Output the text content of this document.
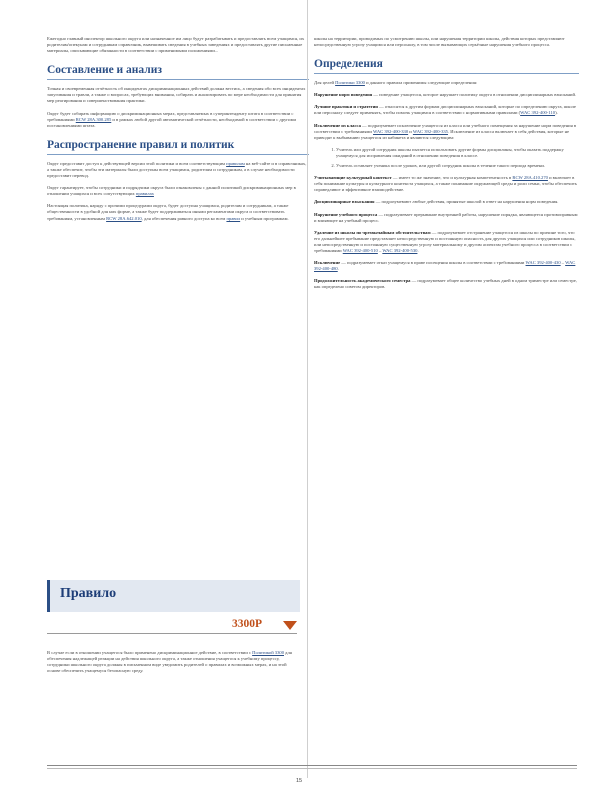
Ежегодно главный инспектор школьного округа или назначенное им лицо будут разрабатывать и предоставлять всем учащимся, их родителям/опекунам и сотрудникам справочник, вывешивать сведения в учебных заведениях и предоставлять другие письменные материалы, описывающие обязанности в соответствии с применимыми положениями...

Составление и анализ

Точная и своевременная отчётность об инцидентах дискриминационных действий должна вестись, а сведения обо всех инцидентах запугивания и травли, а также о вопросах, требующих внимания, собирать и анализировать по мере необходимости для принятия мер реагирования и совершенствования практики.

Округ будет собирать информацию о дискриминационных мерах, представляемых в суперинтенденту штата в соответствии с требованиями RCW 28A.300.285 и в рамках любой другой автоматической отчётности, необходимой в соответствии с другими постановлениями штата.

Распространение правил и политик

Округ предоставит доступ к действующей версии этой политики и всем соответствующим правилам на веб-сайте и в справочниках, а также обеспечит, чтобы эти материалы были доступны всем учащимся, родителям и сотрудникам, а в случае необходимости предоставит перевод.

Округ гарантирует, чтобы сотрудники и подрядчики округа были ознакомлены с данной политикой дискриминационных мер в отношении учащихся и всех сопутствующих правилах

Настоящая политика, наряду с прочими процедурами округа, будет доступна учащимся, родителям и сотрудникам, а также общественности в удобной для них форме, а также будет поддерживаться иными регламентами округа и соответствовать требованиям, установленным RCW 28A.642.010, для обеспечения равного доступа ко всем правил и учебным программам.

Правило
3300P

В случае если в отношении учащегося было применено дискриминационное действие, в соответствии с Политикой 3300 для обеспечения надлежащей реакции на действия школьного округа, а также отношения учащегося к учебному процессу, сотрудники школьного округа должны в письменном виде уведомить родителей о правилах и возможных мерах, и на этой основе обеспечить учащемуся безопасную среду.

школы на территории, проводимых по усмотрению школы, или нарушения территории школы, действия которых представляют непосредственную угрозу учащимся или персоналу, в том числе вызывающих серьёзные нарушения учебного процесса.

Определения

Для целей Политики 3300 и данного правила применимы следующие определения:

Нарушение норм поведения — поведение учащегося, которое нарушает политику округа в отношении дисциплинарных взысканий.

Лучшие практики и стратегии — относятся к другим формам дисциплинарных взысканий, которые по определению округа, школе или персоналу следует применять, чтобы помочь учащимся в соответствии с нормативными правилами (WAC 392-400-110).

Исключение из класса — подразумевает исключение учащегося из класса или учебного помещения за нарушение норм поведения в соответствии с требованиями WAC 392-400-330 и WAC 392-400-335. Исключение из класса включает в себя действия, которые не приводят к выбыванию учащегося из кабинета и являются следующим:

1. Учитель или другой сотрудник школы пытается использовать другие формы дисциплины, чтобы оказать поддержку учащемуся для исправления ожиданий в отношении поведения в классе.
2. Учитель оставляет ученика после уроков, или другой сотрудник школы в течение такого периода времени.

Учитывающие культурный контекст — имеет то же значение, что и культурная компетентность в RCW 28A.410.270 и включает в себя понимание культуры и культурного контекста учащихся, а также понимание окружающей среды и роли семьи, чтобы обеспечить справедливое и эффективное взаимодействие.

Дисциплинарные взыскания — подразумевают любые действия, принятые школой в ответ на нарушения норм поведения.

Нарушение учебного процесса — подразумевает прерывание внутренней работы, нарушение порядка, являющееся противоправным и влияющее на учебный процесс.

Удаление из школы по чрезвычайным обстоятельствам — подразумевает отстранение учащегося из школы по причине того, что его дальнейшее пребывание представляет непосредственную и постоянную опасность для других учащихся или сотрудников школы, или непосредственную и постоянную существенную угрозу материальному и другим аспектам учебного процесса в соответствии с требованиями WAC 392-400-510 – WAC 392-400-530.

Исключение — подразумевает отказ учащемуся в праве посещения школы в соответствии с требованиями WAC 392-400-430 – WAC 392-400-480.

Продолжительность академического семестра — подразумевает общее количество учебных дней в одном триместре или семестре, как определено советом директоров.

15
